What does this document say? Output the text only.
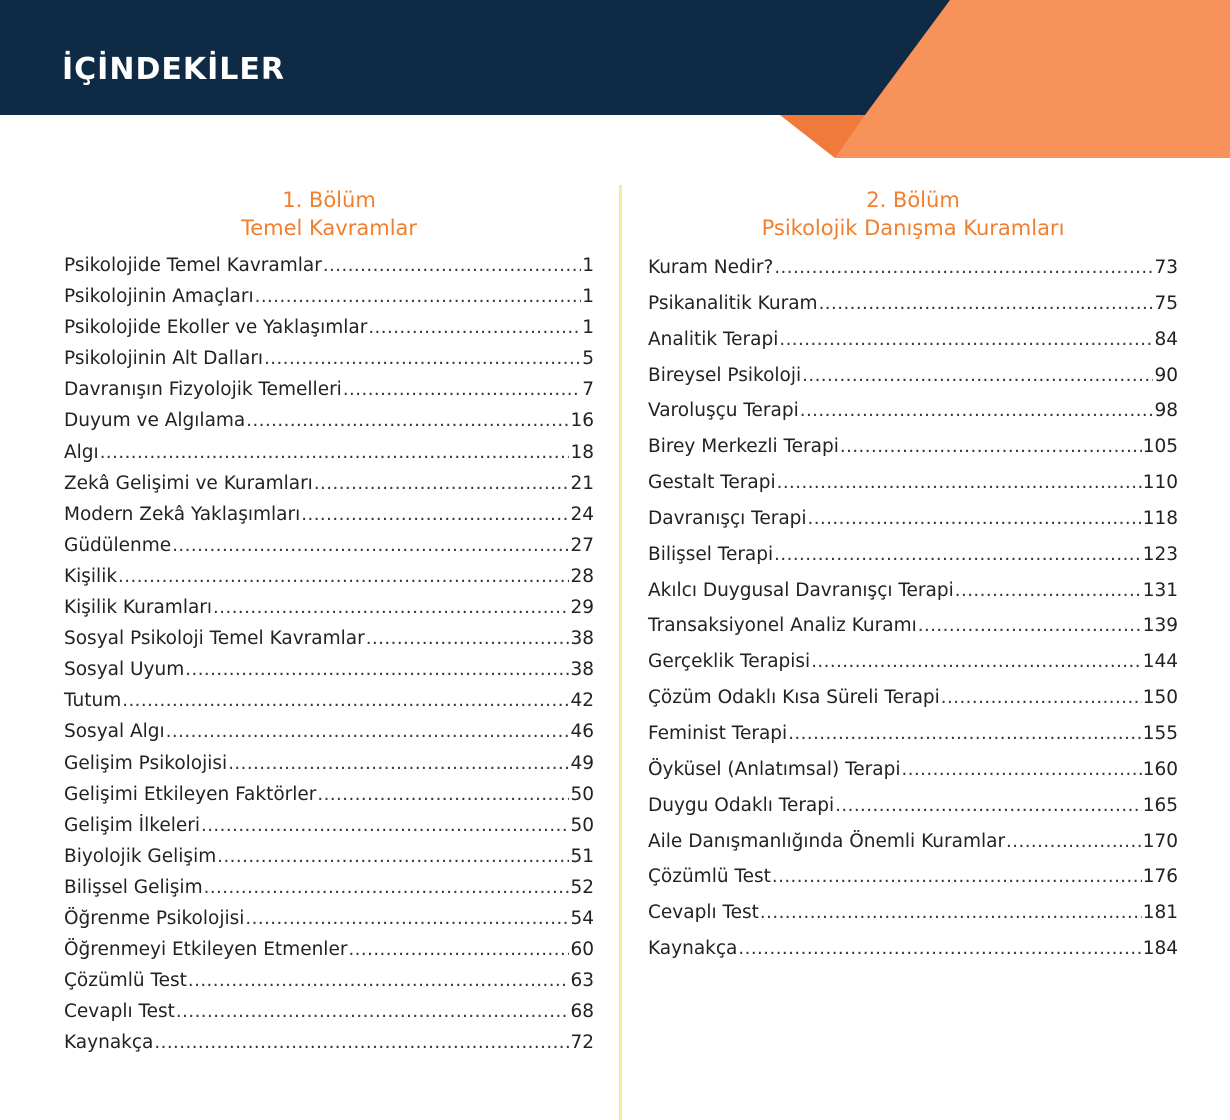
İÇİNDEKİLER
1. Bölüm
Temel Kavramlar
Psikolojide Temel Kavramlar .....	1
Psikolojinin Amaçları .....	1
Psikolojide Ekoller ve Yaklaşımlar .....	1
Psikolojinin Alt Dalları .....	5
Davranışın Fizyolojik Temelleri .....	7
Duyum ve Algılama .....	16
Algı .....	18
Zekâ Gelişimi ve Kuramları .....	21
Modern Zekâ Yaklaşımları .....	24
Güdülenme .....	27
Kişilik .....	28
Kişilik Kuramları .....	29
Sosyal Psikoloji Temel Kavramlar .....	38
Sosyal Uyum .....	38
Tutum .....	42
Sosyal Algı .....	46
Gelişim Psikolojisi .....	49
Gelişimi Etkileyen Faktörler .....	50
Gelişim İlkeleri .....	50
Biyolojik Gelişim .....	51
Bilişsel Gelişim .....	52
Öğrenme Psikolojisi .....	54
Öğrenmeyi Etkileyen Etmenler .....	60
Çözümlü Test .....	63
Cevaplı Test .....	68
Kaynakça .....	72
2. Bölüm
Psikolojik Danışma Kuramları
Kuram Nedir? .....	73
Psikanalitik Kuram .....	75
Analitik Terapi .....	84
Bireysel Psikoloji .....	90
Varoluşçu Terapi .....	98
Birey Merkezli Terapi .....	105
Gestalt Terapi .....	110
Davranışçı Terapi .....	118
Bilişsel Terapi .....	123
Akılcı Duygusal Davranışçı Terapi .....	131
Transaksiyonel Analiz Kuramı .....	139
Gerçeklik Terapisi .....	144
Çözüm Odaklı Kısa Süreli Terapi .....	150
Feminist Terapi .....	155
Öyküsel (Anlatımsal) Terapi .....	160
Duygu Odaklı Terapi .....	165
Aile Danışmanlığında Önemli Kuramlar .....	170
Çözümlü Test .....	176
Cevaplı Test .....	181
Kaynakça .....	184
